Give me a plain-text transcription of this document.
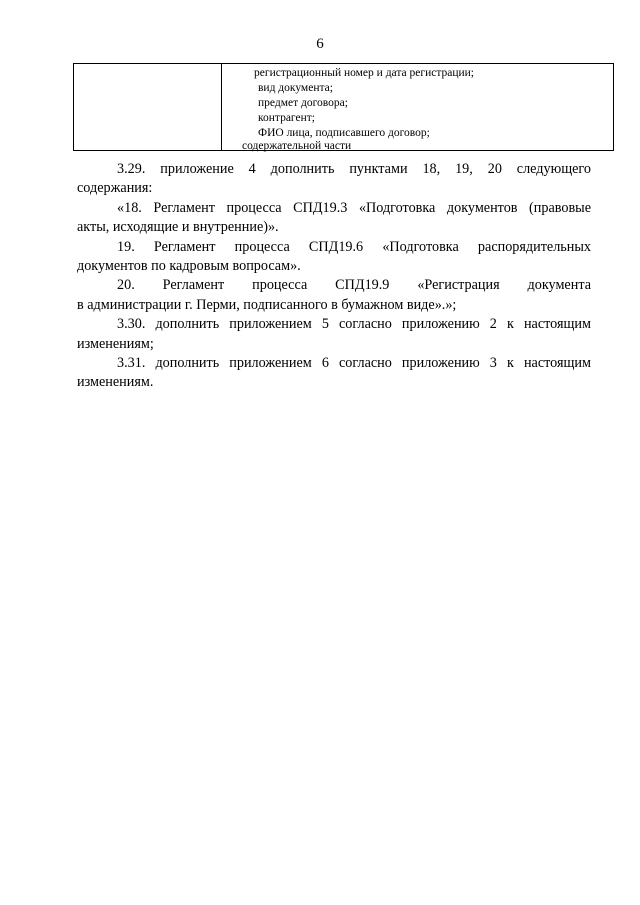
6
регистрационный номер и дата регистрации;
вид документа;
предмет договора;
контрагент;
ФИО лица, подписавшего договор;
содержательной части

3.29. приложение 4 дополнить пунктами 18, 19, 20 следующего

содержания:

«18. Регламент процесса СПД19.3 «Подготовка документов (правовые

акты, исходящие и внутренние)».

19. Регламент процесса СПД19.6 «Подготовка распорядительных

документов по кадровым вопросам».

20. Регламент процесса СПД19.9 «Регистрация документа

в администрации г. Перми, подписанного в бумажном виде».»;

3.30. дополнить приложением 5 согласно приложению 2 к настоящим

изменениям;

3.31. дополнить приложением 6 согласно приложению 3 к настоящим

изменениям.
